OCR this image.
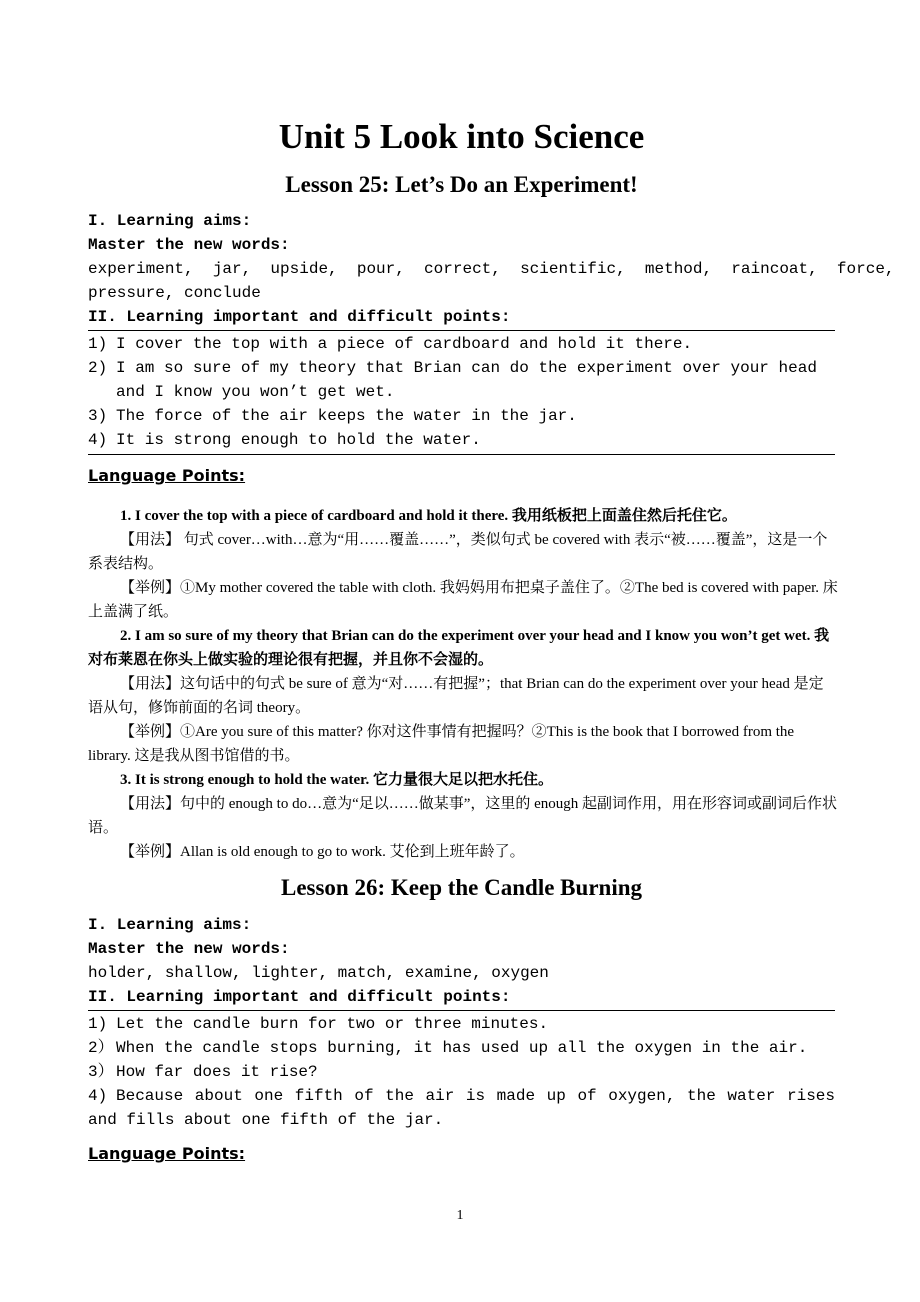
Unit 5 Look into Science
Lesson 25: Let’s Do an Experiment!
I. Learning aims:
Master the new words:
experiment,  jar,  upside,  pour,  correct,  scientific,  method,  raincoat,  force,
pressure, conclude
II. Learning important and difficult points:
1) I cover the top with a piece of cardboard and hold it there.
2) I am so sure of my theory that Brian can do the experiment over your head and I know you won’t get wet.
3) The force of the air keeps the water in the jar.
4) It is strong enough to hold the water.
Language Points:
1. I cover the top with a piece of cardboard and hold it there. 我用纸板把上面盖住然后托住它。
【用法】 句式 cover…with…意为“用……覆盖……”，类似句式 be covered with 表示“被……覆盖”，这是一个系表结构。
【举例】①My mother covered the table with cloth. 我妈妈用布把桌子盖住了。②The bed is covered with paper. 床上盖满了纸。
2. I am so sure of my theory that Brian can do the experiment over your head and I know you won’t get wet. 我对布莱恩在你头上做实验的理论很有把握，并且你不会湿的。
【用法】这句话中的句式 be sure of 意为“对……有把握”；that Brian can do the experiment over your head 是定语从句，修饰前面的名词 theory。
【举例】①Are you sure of this matter? 你对这件事情有把握吗？②This is the book that I borrowed from the library. 这是我从图书馆借的书。
3. It is strong enough to hold the water. 它力量很大足以把水托住。
【用法】句中的 enough to do…意为“足以……做某事”，这里的 enough 起副词作用，用在形容词或副词后作状语。
【举例】Allan is old enough to go to work. 艾伦到上班年龄了。
Lesson 26: Keep the Candle Burning
I. Learning aims:
Master the new words:
holder, shallow, lighter, match, examine, oxygen
II. Learning important and difficult points:
1) Let the candle burn for two or three minutes.
2） When the candle stops burning, it has used up all the oxygen in the air.
3） How far does it rise?
4) Because about one fifth of the air is made up of oxygen, the water rises and fills about one fifth of the jar.
Language Points:
1
